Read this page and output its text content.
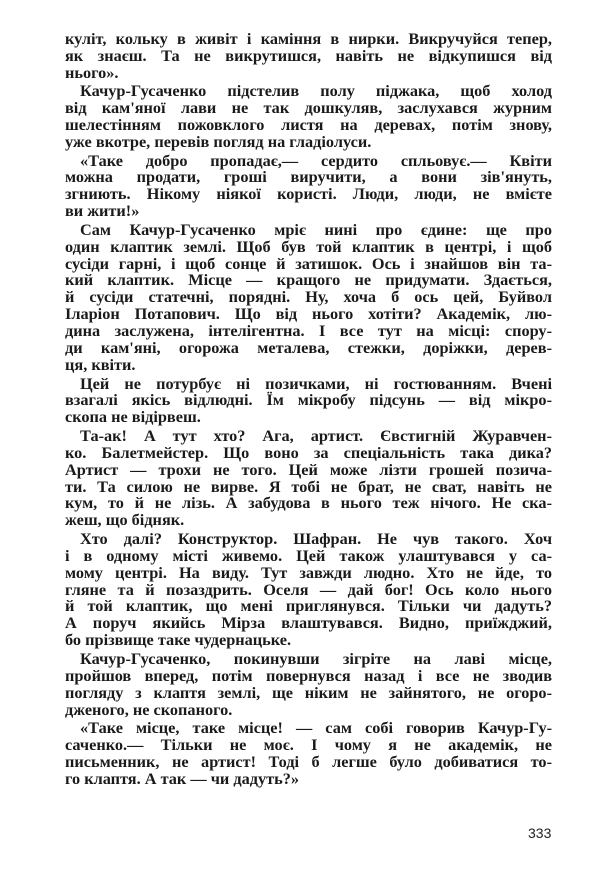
куліт, кольку в живіт і каміння в нирки. Викручуйся тепер,
як знаєш. Та не викрутишся, навіть не відкупишся від
нього».
Качур-Гусаченко підстелив полу піджака, щоб холод
від кам'яної лави не так дошкуляв, заслухався журним
шелестінням пожовклого листя на деревах, потім знову,
уже вкотре, перевів погляд на гладіолуси.
«Таке добро пропадає,— сердито спльовує.— Квіти
можна продати, гроші виручити, а вони зів'януть,
згниють. Нікому ніякої користі. Люди, люди, не вмієте
ви жити!»
Сам Качур-Гусаченко мріє нині про єдине: ще про
один клаптик землі. Щоб був той клаптик в центрі, і щоб
сусіди гарні, і щоб сонце й затишок. Ось і знайшов він та-
кий клаптик. Місце — кращого не придумати. Здається,
й сусіди статечні, порядні. Ну, хоча б ось цей, Буйвол
Іларіон Потапович. Що від нього хотіти? Академік, лю-
дина заслужена, інтелігентна. І все тут на місці: спору-
ди кам'яні, огорожа металева, стежки, доріжки, дерев-
ця, квіти.
Цей не потурбує ні позичками, ні гостюванням. Вчені
взагалі якісь відлюдні. Їм мікробу підсунь — від мікро-
скопа не відірвеш.
Та-ак! А тут хто? Ага, артист. Євстигній Журавчен-
ко. Балетмейстер. Що воно за спеціальність така дика?
Артист — трохи не того. Цей може лізти грошей позича-
ти. Та силою не вирве. Я тобі не брат, не сват, навіть не
кум, то й не лізь. А забудова в нього теж нічого. Не ска-
жеш, що бідняк.
Хто далі? Конструктор. Шафран. Не чув такого. Хоч
і в одному місті живемо. Цей також улаштувався у са-
мому центрі. На виду. Тут завжди людно. Хто не йде, то
гляне та й позаздрить. Оселя — дай бог! Ось коло нього
й той клаптик, що мені приглянувся. Тільки чи дадуть?
А поруч якийсь Мірза влаштувався. Видно, приїжджий,
бо прізвище таке чудернацьке.
Качур-Гусаченко, покинувши зігріте на лаві місце,
пройшов вперед, потім повернувся назад і все не зводив
погляду з клаптя землі, ще ніким не зайнятого, не огоро-
дженого, не скопаного.
«Таке місце, таке місце! — сам собі говорив Качур-Гу-
саченко.— Тільки не моє. І чому я не академік, не
письменник, не артист! Тоді б легше було добиватися то-
го клаптя. А так — чи дадуть?»
333
